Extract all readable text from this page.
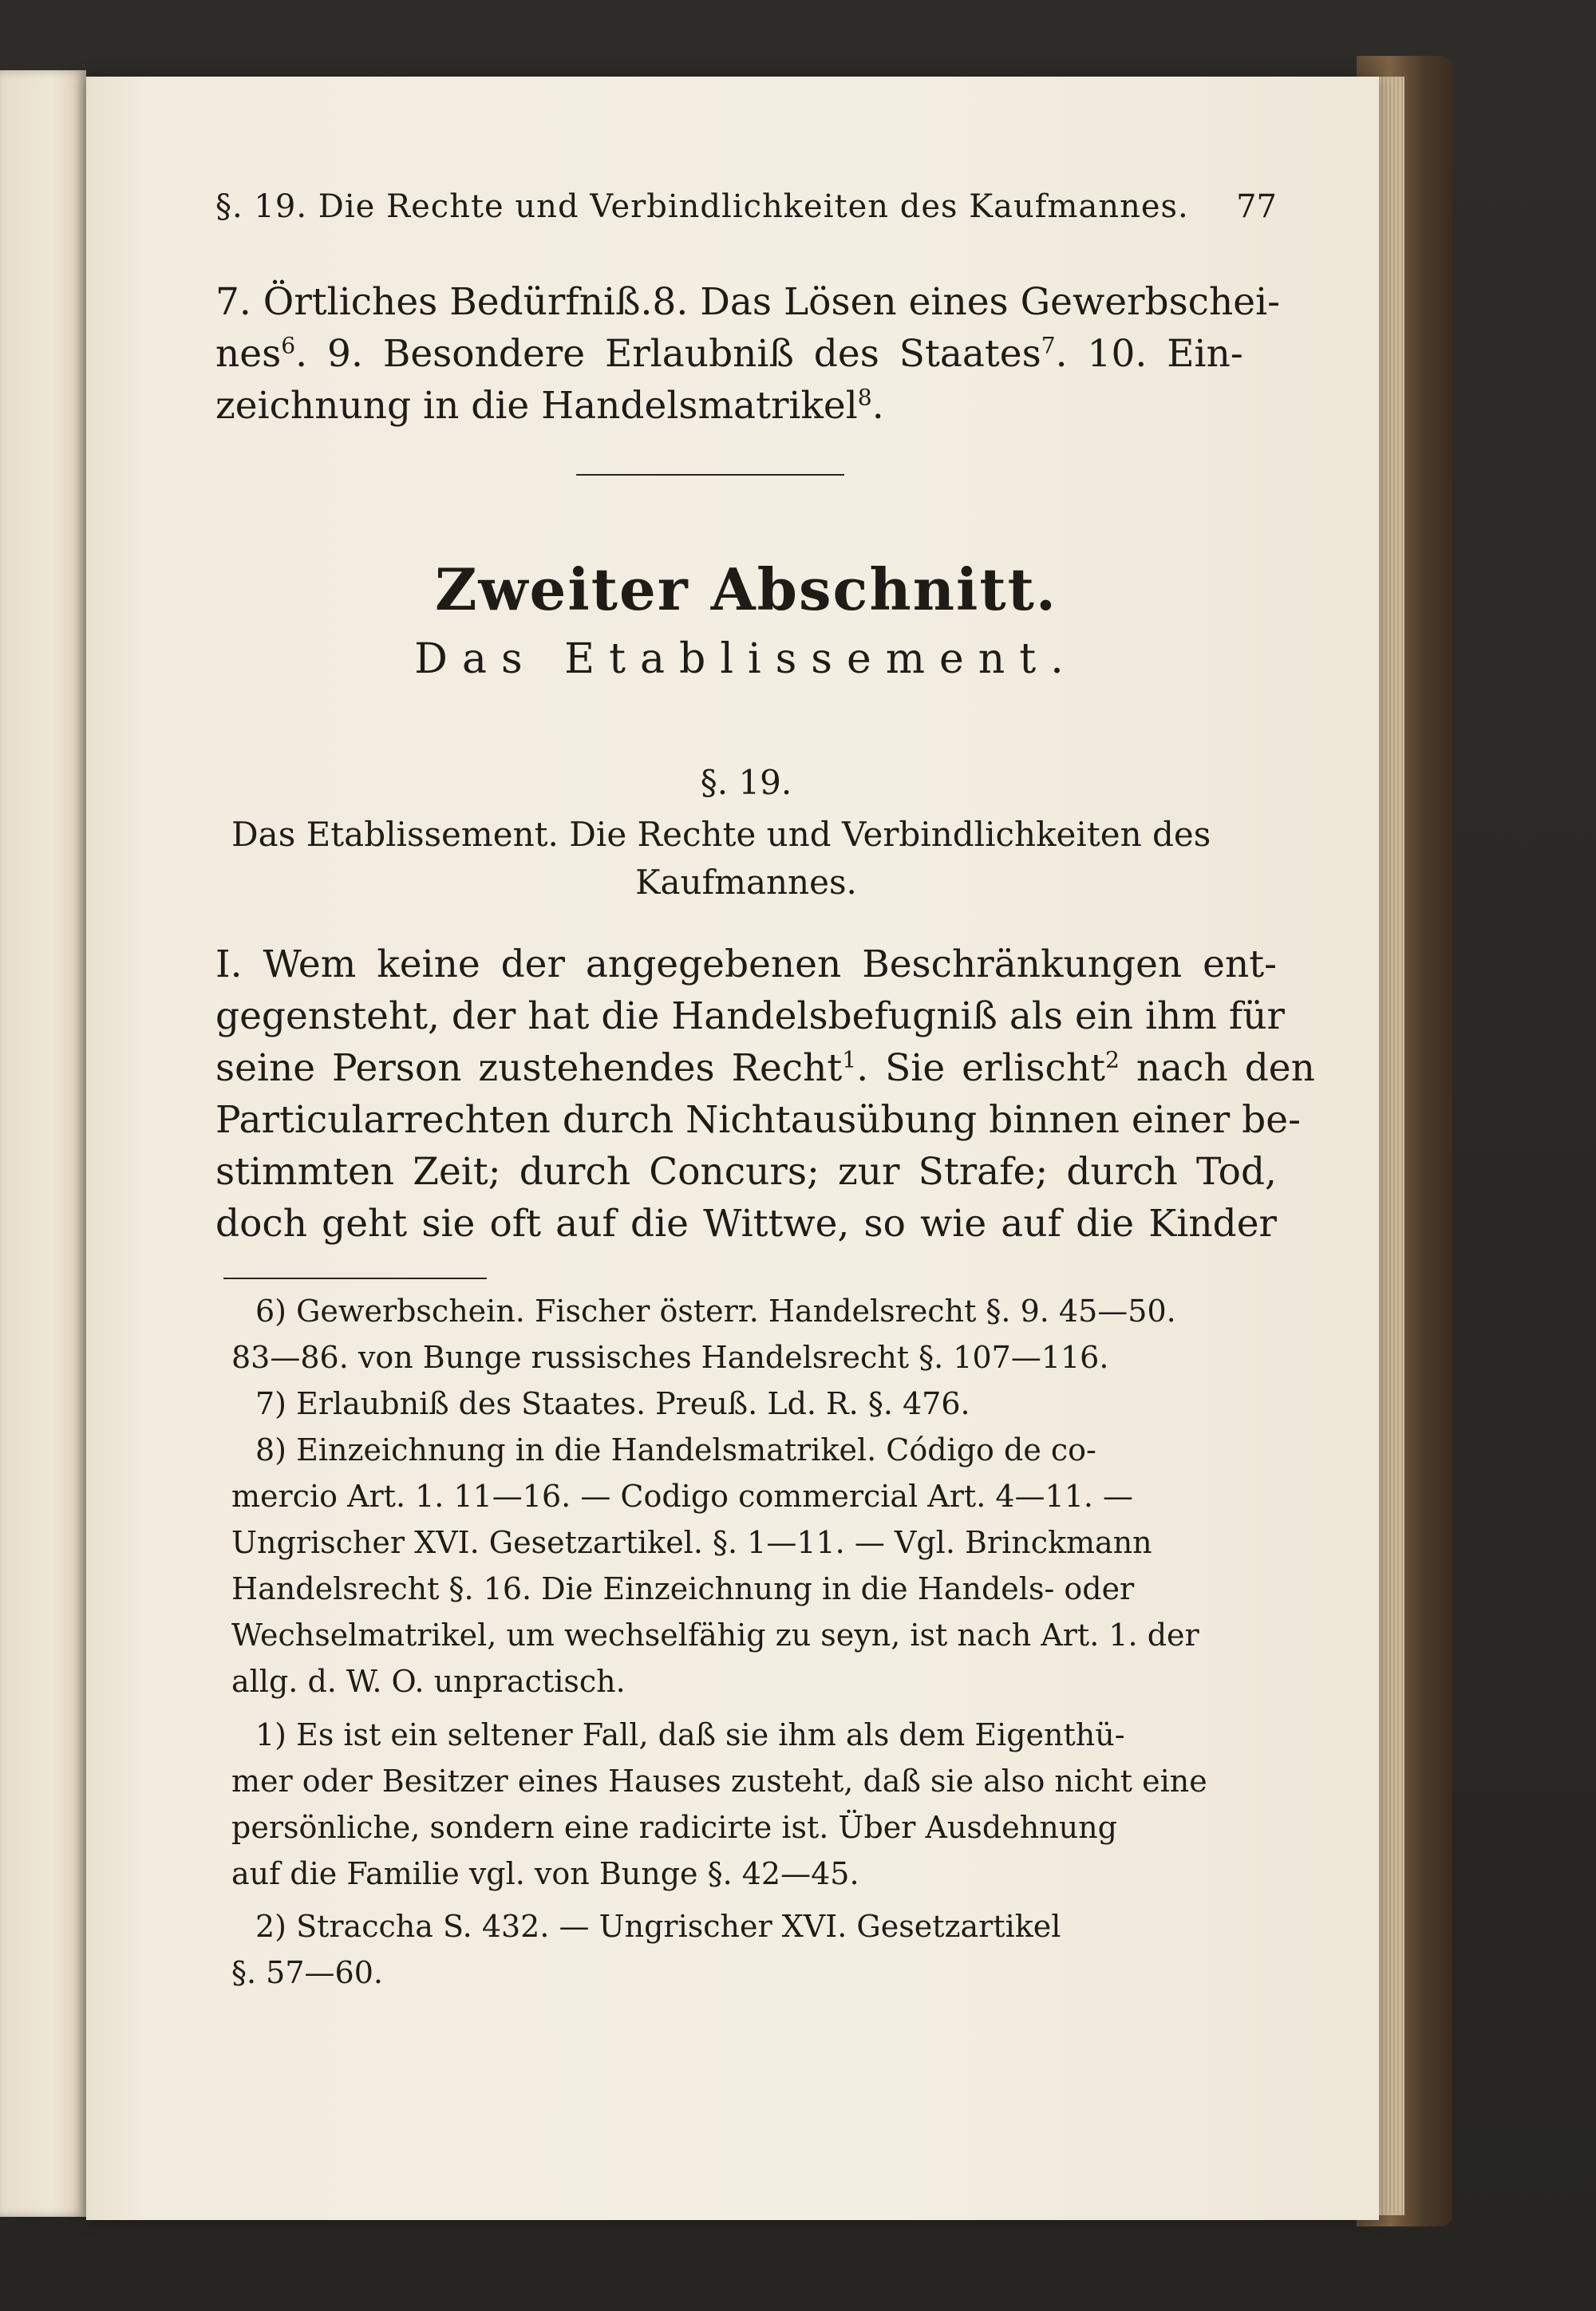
§. 19. Die Rechte und Verbindlichkeiten des Kaufmannes. 77
7. Örtliches Bedürfniß. 8. Das Lösen eines Gewerbschei-
nes$^6$. 9. Besondere Erlaubniß des Staates$^7$. 10. Ein-
zeichnung in die Handelsmatrikel$^8$.
Zweiter Abschnitt.
Das Etablissement.
§. 19.
Das Etablissement. Die Rechte und Verbindlichkeiten des
Kaufmannes.
I. Wem keine der angegebenen Beschränkungen ent-
gegensteht, der hat die Handelsbefugniß als ein ihm für
seine Person zustehendes Recht$^1$. Sie erlischt$^2$ nach den
Particularrechten durch Nichtausübung binnen einer be-
stimmten Zeit; durch Concurs; zur Strafe; durch Tod,
doch geht sie oft auf die Wittwe, so wie auf die Kinder
6) Gewerbschein. Fischer österr. Handelsrecht §. 9. 45—50.
83—86. von Bunge russisches Handelsrecht §. 107—116.
7) Erlaubniß des Staates. Preuß. Ld. R. §. 476.
8) Einzeichnung in die Handelsmatrikel. Código de co-
mercio Art. 1. 11—16. — Codigo commercial Art. 4—11. —
Ungrischer XVI. Gesetzartikel. §. 1—11. — Vgl. Brinckmann
Handelsrecht §. 16. Die Einzeichnung in die Handels- oder
Wechselmatrikel, um wechselfähig zu seyn, ist nach Art. 1. der
allg. d. W. O. unpractisch.
1) Es ist ein seltener Fall, daß sie ihm als dem Eigenthü-
mer oder Besitzer eines Hauses zusteht, daß sie also nicht eine
persönliche, sondern eine radicirte ist. Über Ausdehnung
auf die Familie vgl. von Bunge §. 42—45.
2) Straccha S. 432. — Ungrischer XVI. Gesetzartikel
§. 57—60.
